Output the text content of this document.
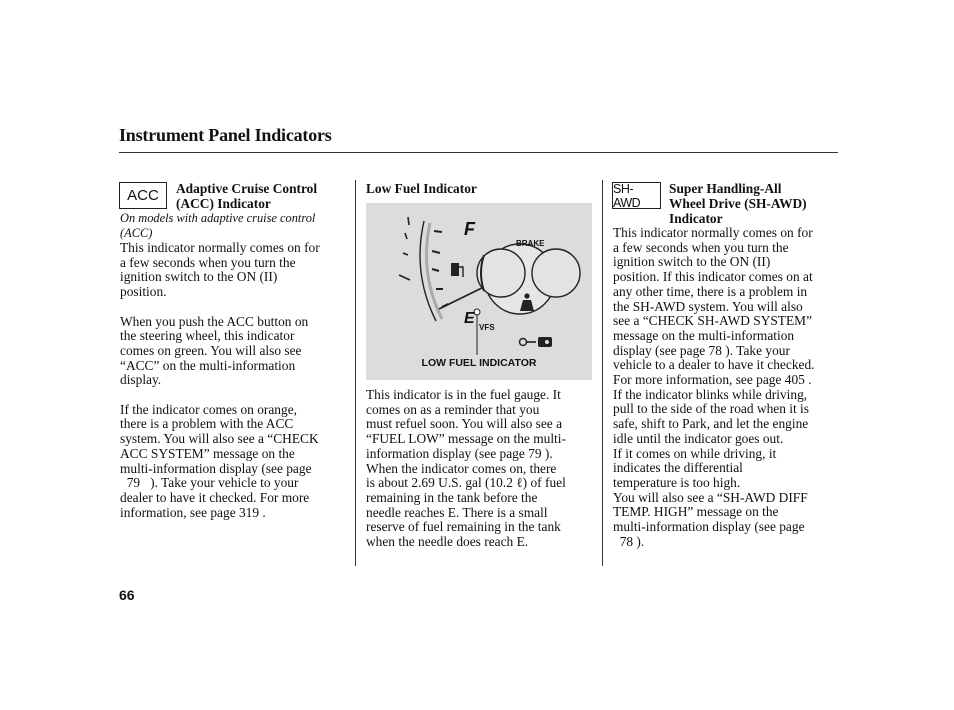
Instrument Panel Indicators
ACC Adaptive Cruise Control

(ACC) Indicator

On models with adaptive cruise control

(ACC)

This indicator normally comes on for

a few seconds when you turn the

ignition switch to the ON (II)

position.

When you push the ACC button on

the steering wheel, this indicator

comes on green. You will also see

“ACC” on the multi-information

display.

If the indicator comes on orange,

there is a problem with the ACC

system. You will also see a “CHECK

ACC SYSTEM” message on the

multi-information display (see page

79   ). Take your vehicle to your

dealer to have it checked. For more

information, see page 319 .

Low Fuel Indicator

F
E
BRAKE
VFS
LOW FUEL INDICATOR

This indicator is in the fuel gauge. It

comes on as a reminder that you

must refuel soon. You will also see a

“FUEL LOW” message on the multi-

information display (see page 79 ).

When the indicator comes on, there

is about 2.69 U.S. gal (10.2 ℓ) of fuel

remaining in the tank before the

needle reaches E. There is a small

reserve of fuel remaining in the tank

when the needle does reach E.

SH-AWD

Super Handling-All

Wheel Drive (SH-AWD)

Indicator

This indicator normally comes on for

a few seconds when you turn the

ignition switch to the ON (II)

position. If this indicator comes on at

any other time, there is a problem in

the SH-AWD system. You will also

see a “CHECK SH-AWD SYSTEM”

message on the multi-information

display (see page 78 ). Take your

vehicle to a dealer to have it checked.

For more information, see page 405 .

If the indicator blinks while driving,

pull to the side of the road when it is

safe, shift to Park, and let the engine

idle until the indicator goes out.

If it comes on while driving, it

indicates the differential

temperature is too high.

You will also see a “SH-AWD DIFF

TEMP. HIGH” message on the

multi-information display (see page

78 ).

66
